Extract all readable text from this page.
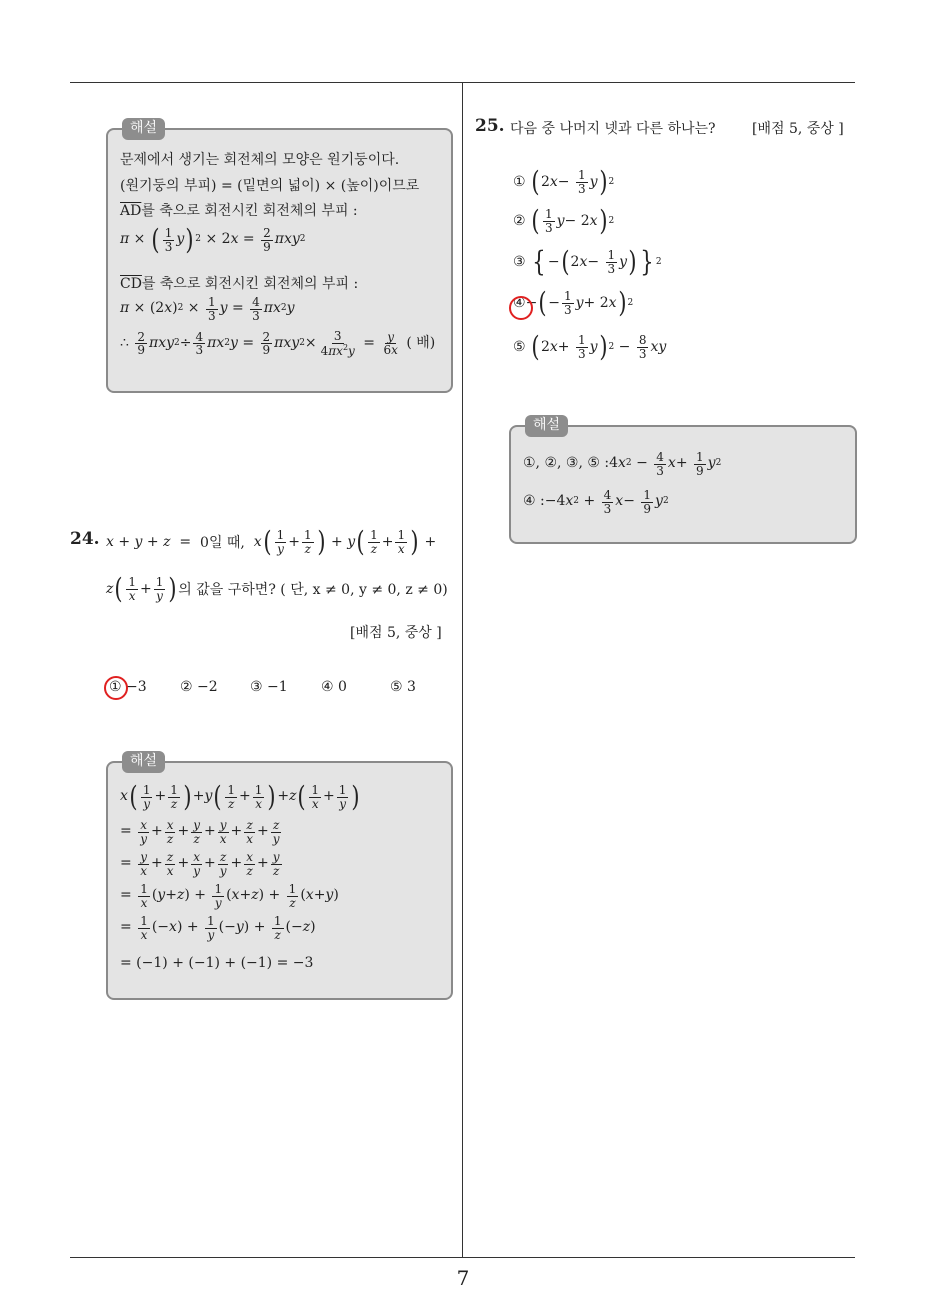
7
해설
문제에서 생기는 회전체의 모양은 원기둥이다.
(원기둥의 부피) = (밑면의 넓이) × (높이)이므로
$\overline{AD}$ 를 축으로 회전시킨 회전체의 부피 :
π × ( $\frac{1}{3}$ y ) $2 \times 2x = \frac{2}{9}$ πxy 2
$\overline{CD}$ 를 축으로 회전시킨 회전체의 부피 :
π × (2x) $2 \times \frac{1}{3}$ $y = \frac{4}{3}$ πx 2 y
∴ $\frac{2}{9}$ πxy $2 \div \frac{4}{3}$ πx 2 $y = \frac{2}{9}$ πxy $2 \times \frac{3}{4\pi x^2y} = \frac{y}{6x}$
( 배)
24. x + y + z  = 0일 때, x ( $\frac{1}{y} + \frac{1}{z}$ ) + y ( $\frac{1}{z} + \frac{1}{x}$ ) +
z ( $\frac{1}{x} + \frac{1}{y}$ ) 의 값을 구하면?
( 단, x ≠ 0, y ≠ 0, z ≠ 0)
[배점 5, 중상 ]
① −3 ② −2 ③ −1 ④ 0	⑤ 3
해설
x ( $\frac{1}{y} + \frac{1}{z}$ ) + y ( $\frac{1}{z} + \frac{1}{x}$ ) + z ( $\frac{1}{x} + \frac{1}{y}$ )
= $\frac{x}{y} + \frac{x}{z} + \frac{y}{z} + \frac{y}{x} + \frac{z}{x} + \frac{z}{y}$
= $\frac{y}{x} + \frac{z}{x} + \frac{x}{y} + \frac{z}{y} + \frac{x}{z} + \frac{y}{z}$
= $\frac{1}{x}$ ( y + z ) + $\frac{1}{y}$ ( x + z ) + $\frac{1}{z}$ ( x + y )
= $\frac{1}{x}$ (− x ) + $\frac{1}{y}$ (− y ) + $\frac{1}{z}$ (− z )
= (−1) + (−1) + (−1) = −3
25. 다음 중 나머지 넷과 다른 하나는?	[배점 5, 중상 ]
①
( 2 $x - \frac{1}{3}$ y ) 2
②
( $\frac{1}{3}$ y − 2 x ) 2
③
{ − ( 2 $x - \frac{1}{3}$ y ) } 2
④ − ( − $\frac{1}{3}$ y + 2 x ) 2
⑤
( 2 $x + \frac{1}{3}$ y ) $2 - \frac{8}{3}$ xy
해설
①, ②, ③, ⑤ : 4 x $2 - \frac{4}{3}$ $x + \frac{1}{9}$ y 2
④ : −4 x $2 + \frac{4}{3}$ $x - \frac{1}{9}$ y 2
